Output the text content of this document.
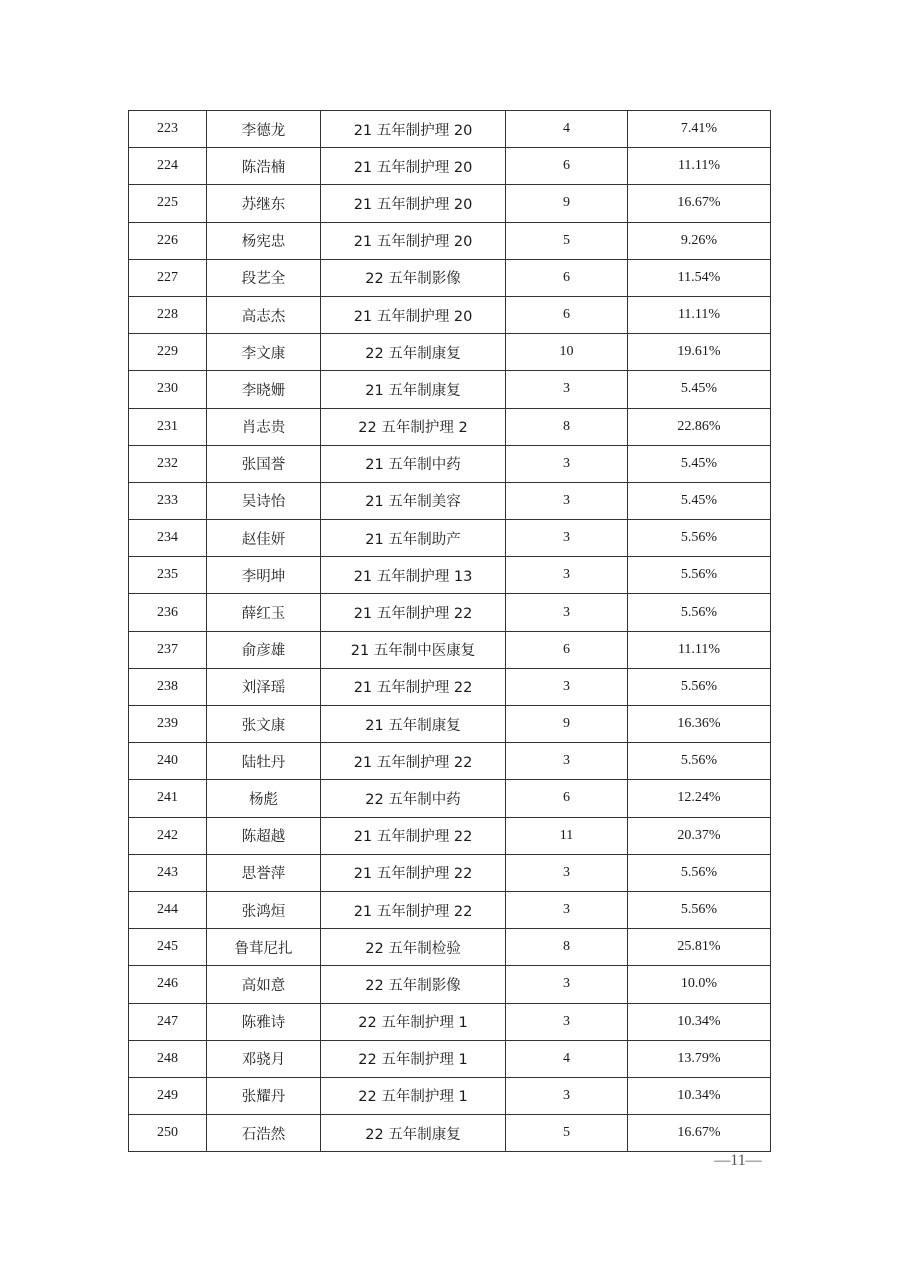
223	李德龙	21 五年制护理 20	4	7.41%
224	陈浩楠	21 五年制护理 20	6	11.11%
225	苏继东	21 五年制护理 20	9	16.67%
226	杨宪忠	21 五年制护理 20	5	9.26%
227	段艺全	22 五年制影像	6	11.54%
228	高志杰	21 五年制护理 20	6	11.11%
229	李文康	22 五年制康复	10	19.61%
230	李晓姗	21 五年制康复	3	5.45%
231	肖志贵	22 五年制护理 2	8	22.86%
232	张国誉	21 五年制中药	3	5.45%
233	吴诗怡	21 五年制美容	3	5.45%
234	赵佳妍	21 五年制助产	3	5.56%
235	李明坤	21 五年制护理 13	3	5.56%
236	薛红玉	21 五年制护理 22	3	5.56%
237	俞彦雄	21 五年制中医康复	6	11.11%
238	刘泽瑶	21 五年制护理 22	3	5.56%
239	张文康	21 五年制康复	9	16.36%
240	陆牡丹	21 五年制护理 22	3	5.56%
241	杨彪	22 五年制中药	6	12.24%
242	陈超越	21 五年制护理 22	11	20.37%
243	思誉萍	21 五年制护理 22	3	5.56%
244	张鸿烜	21 五年制护理 22	3	5.56%
245	鲁茸尼扎	22 五年制检验	8	25.81%
246	高如意	22 五年制影像	3	10.0%
247	陈雅诗	22 五年制护理 1	3	10.34%
248	邓骁月	22 五年制护理 1	4	13.79%
249	张耀丹	22 五年制护理 1	3	10.34%
250	石浩然	22 五年制康复	5	16.67%
—11—
